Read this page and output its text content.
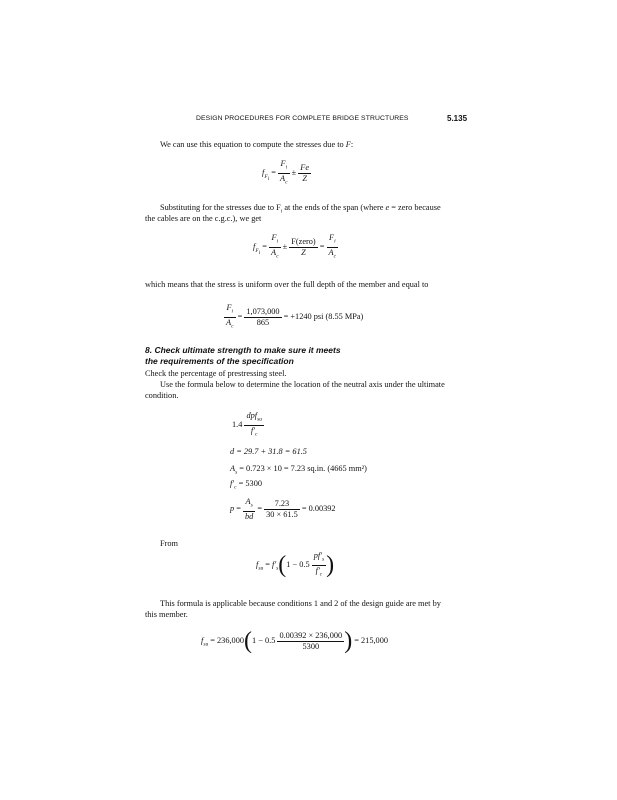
DESIGN PROCEDURES FOR COMPLETE BRIDGE STRUCTURES	5.135
We can use this equation to compute the stresses due to F:
$f_{F_i} = \frac{F_i}{A_c} \pm \frac{Fe}{Z}$
Substituting for the stresses due to $F_i$ at the ends of the span (where e = zero because
the cables are on the c.g.c.), we get
$f_{F_i} = \frac{F_i}{A_c} \pm \frac{\text{F(zero)}}{Z} = \frac{F_i}{A_c}$
which means that the stress is uniform over the full depth of the member and equal to
$\frac{F_i}{A_c} = \frac{1,073,000}{865} = +1240$ psi (8.55 MPa)
8. Check ultimate strength to make sure it meets
the requirements of the specification
Check the percentage of prestressing steel.
Use the formula below to determine the location of the neutral axis under the ultimate
condition.
$1.4 \frac{dpf_{su}}{f'_c}$
d = 29.7 + 31.8 = 61.5
$A_s = 0.723 \times 10 = 7.23$ sq.in. (4665 mm²)
$f'_c = 5300$
$p = \frac{A_s}{bd} = \frac{7.23}{30 \times 61.5} = 0.00392$
From
$f_{su} = f'_s(1 - 0.5 \frac{pf'_s}{f'_c}$ )
This formula is applicable because conditions 1 and 2 of the design guide are met by
this member.
$f_{su} = 236,000(1 - 0.5 \frac{0.00392 \times 236,000}{5300}$ ) = 215,000
